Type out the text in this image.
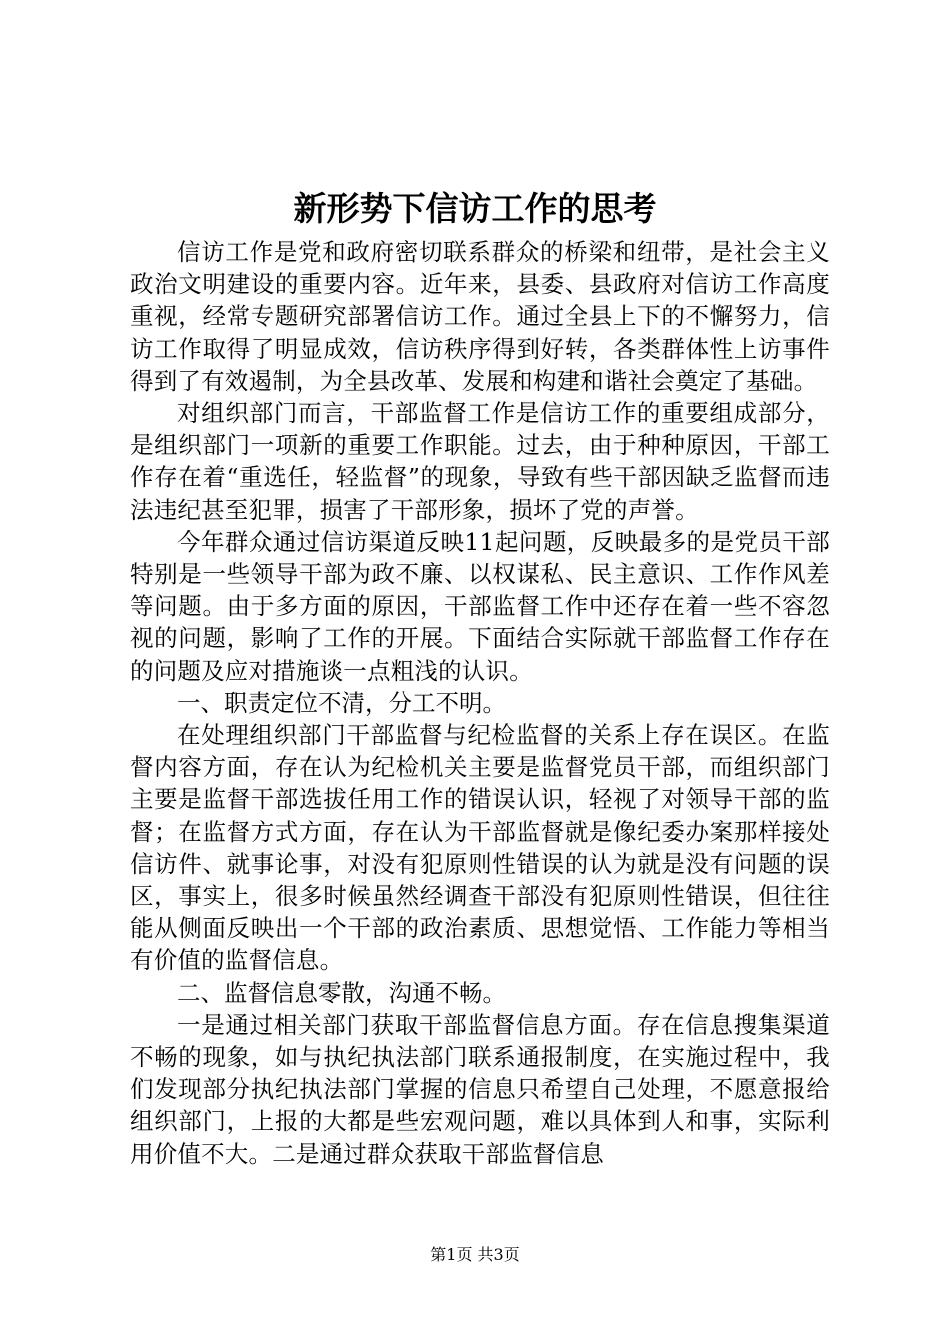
新形势下信访工作的思考

信访工作是党和政府密切联系群众的桥梁和纽带，是社会主义政治文明建设的重要内容。近年来，县委、县政府对信访工作高度重视，经常专题研究部署信访工作。通过全县上下的不懈努力，信访工作取得了明显成效，信访秩序得到好转，各类群体性上访事件得到了有效遏制，为全县改革、发展和构建和谐社会奠定了基础。

对组织部门而言，干部监督工作是信访工作的重要组成部分，是组织部门一项新的重要工作职能。过去，由于种种原因，干部工作存在着“重选任，轻监督”的现象，导致有些干部因缺乏监督而违法违纪甚至犯罪，损害了干部形象，损坏了党的声誉。

今年群众通过信访渠道反映11起问题，反映最多的是党员干部特别是一些领导干部为政不廉、以权谋私、民主意识、工作作风差等问题。由于多方面的原因，干部监督工作中还存在着一些不容忽视的问题，影响了工作的开展。下面结合实际就干部监督工作存在的问题及应对措施谈一点粗浅的认识。

一、职责定位不清，分工不明。

在处理组织部门干部监督与纪检监督的关系上存在误区。在监督内容方面，存在认为纪检机关主要是监督党员干部，而组织部门主要是监督干部选拔任用工作的错误认识，轻视了对领导干部的监督；在监督方式方面，存在认为干部监督就是像纪委办案那样接处信访件、就事论事，对没有犯原则性错误的认为就是没有问题的误区，事实上，很多时候虽然经调查干部没有犯原则性错误，但往往能从侧面反映出一个干部的政治素质、思想觉悟、工作能力等相当有价值的监督信息。

二、监督信息零散，沟通不畅。

一是通过相关部门获取干部监督信息方面。存在信息搜集渠道不畅的现象，如与执纪执法部门联系通报制度，在实施过程中，我们发现部分执纪执法部门掌握的信息只希望自己处理，不愿意报给组织部门，上报的大都是些宏观问题，难以具体到人和事，实际利用价值不大。二是通过群众获取干部监督信息

第1页 共3页
